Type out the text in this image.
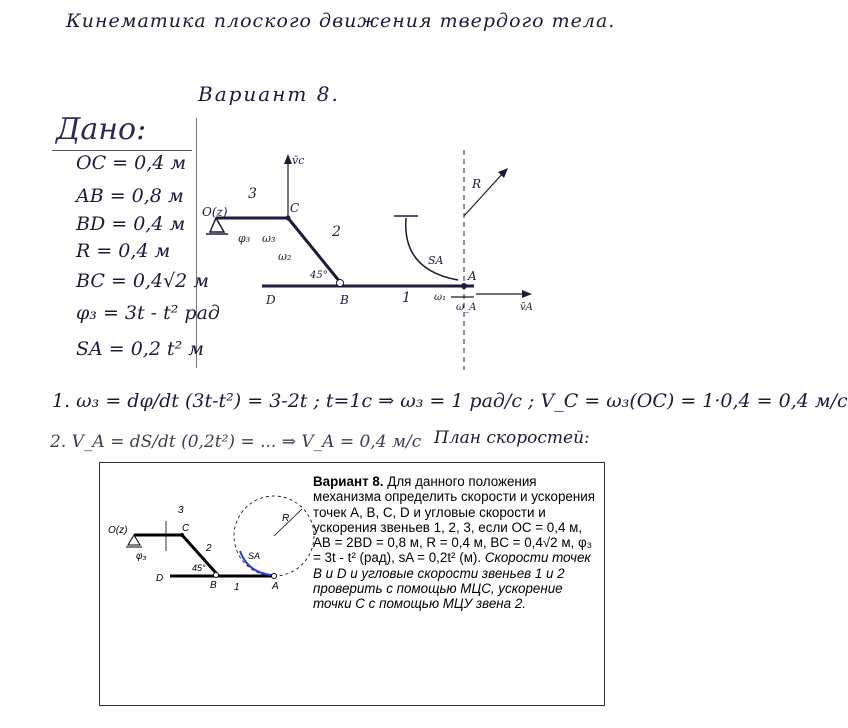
Кинематика плоского движения твердого тела.
Вариант 8.
Дано:
OC = 0,4 м
AB = 0,8 м
BD = 0,4 м
R = 0,4 м
BC = 0,4√2 м
φ₃ = 3t - t² рад
SA = 0,2 t² м
O(z)	C
3
2
1
φ₃ ω₃
ω₂
45°
D	B
A
R
SA
v̄c
v̄A
ω₁
ω_A
1. ω₃ = dφ/dt (3t-t²) = 3-2t ; t=1c ⇒ ω₃ = 1 рад/с ; V_C = ω₃(OC) = 1·0,4 = 0,4 м/с
2. V_A = dS/dt (0,2t²) = ... ⇒ V_A = 0,4 м/с План скоростей:
O(z)	C
3
2
1
φ₃
45°
D
B	A
R
SA
Вариант 8. Для данного положения механизма определить скорости и ускорения точек A, B, C, D и угловые скорости и ускорения звеньев 1, 2, 3, если OC = 0,4 м, AB = 2BD = 0,8 м, R = 0,4 м, BC = 0,4√2 м, φ₃ = 3t - t² (рад), sA = 0,2t² (м). Скорости точек B и D и угловые скорости звеньев 1 и 2 проверить с помощью МЦС, ускорение точки C с помощью МЦУ звена 2.
